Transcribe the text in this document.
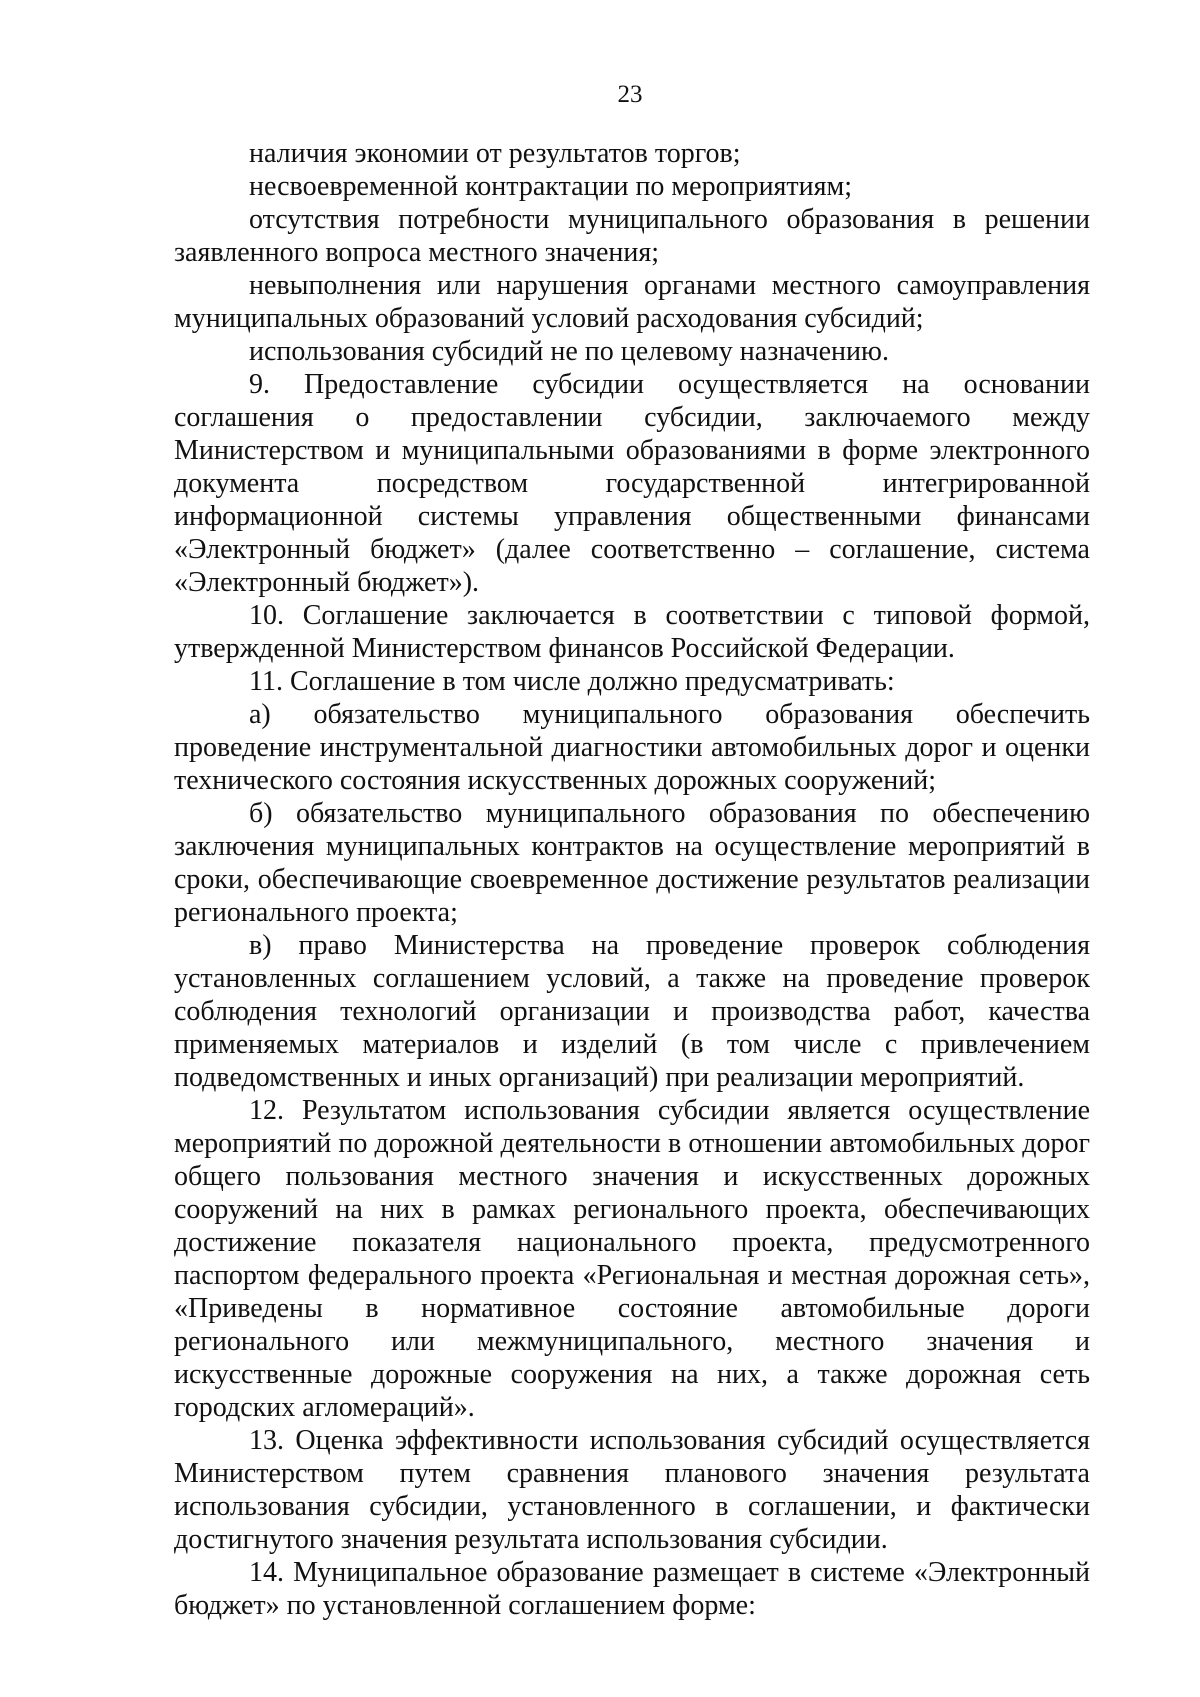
23

наличия экономии от результатов торгов;

несвоевременной контрактации по мероприятиям;

отсутствия потребности муниципального образования в решении заявленного вопроса местного значения;

невыполнения или нарушения органами местного самоуправления муниципальных образований условий расходования субсидий;

использования субсидий не по целевому назначению.

9. Предоставление субсидии осуществляется на основании соглашения о предоставлении субсидии, заключаемого между Министерством и муниципальными образованиями в форме электронного документа посредством государственной интегрированной информационной системы управления общественными финансами «Электронный бюджет» (далее соответственно – соглашение, система «Электронный бюджет»).

10. Соглашение заключается в соответствии с типовой формой, утвержденной Министерством финансов Российской Федерации.

11. Соглашение в том числе должно предусматривать:

а) обязательство муниципального образования обеспечить проведение инструментальной диагностики автомобильных дорог и оценки технического состояния искусственных дорожных сооружений;

б) обязательство муниципального образования по обеспечению заключения муниципальных контрактов на осуществление мероприятий в сроки, обеспечивающие своевременное достижение результатов реализации регионального проекта;

в) право Министерства на проведение проверок соблюдения установленных соглашением условий, а также на проведение проверок соблюдения технологий организации и производства работ, качества применяемых материалов и изделий (в том числе с привлечением подведомственных и иных организаций) при реализации мероприятий.

12. Результатом использования субсидии является осуществление мероприятий по дорожной деятельности в отношении автомобильных дорог общего пользования местного значения и искусственных дорожных сооружений на них в рамках регионального проекта, обеспечивающих достижение показателя национального проекта, предусмотренного паспортом федерального проекта «Региональная и местная дорожная сеть», «Приведены в нормативное состояние автомобильные дороги регионального или межмуниципального, местного значения и искусственные дорожные сооружения на них, а также дорожная сеть городских агломераций».

13. Оценка эффективности использования субсидий осуществляется Министерством путем сравнения планового значения результата использования субсидии, установленного в соглашении, и фактически достигнутого значения результата использования субсидии.

14. Муниципальное образование размещает в системе «Электронный бюджет» по установленной соглашением форме:
